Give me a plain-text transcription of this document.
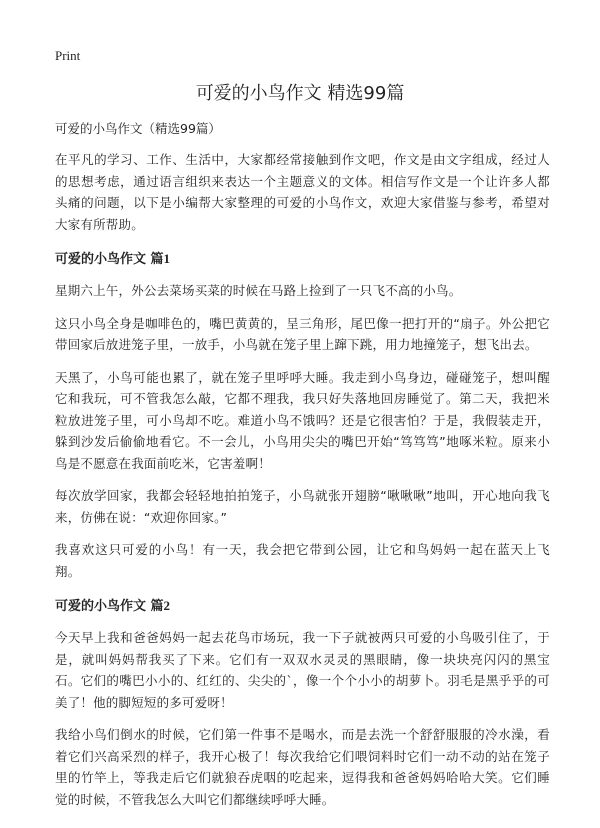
Print
可爱的小鸟作文 精选99篇
可爱的小鸟作文（精选99篇）

在平凡的学习、工作、生活中，大家都经常接触到作文吧，作文是由文字组成，经过人的思想考虑，通过语言组织来表达一个主题意义的文体。相信写作文是一个让许多人都头痛的问题，以下是小编帮大家整理的可爱的小鸟作文，欢迎大家借鉴与参考，希望对大家有所帮助。

可爱的小鸟作文 篇1

星期六上午，外公去菜场买菜的时候在马路上捡到了一只飞不高的小鸟。

这只小鸟全身是咖啡色的，嘴巴黄黄的，呈三角形，尾巴像一把打开的“扇子。外公把它带回家后放进笼子里，一放手，小鸟就在笼子里上蹿下跳，用力地撞笼子，想飞出去。

天黑了，小鸟可能也累了，就在笼子里呼呼大睡。我走到小鸟身边，碰碰笼子，想叫醒它和我玩，可不管我怎么敲，它都不理我，我只好失落地回房睡觉了。第二天，我把米粒放进笼子里，可小鸟却不吃。难道小鸟不饿吗？还是它很害怕？于是，我假装走开，躲到沙发后偷偷地看它。不一会儿，小鸟用尖尖的嘴巴开始“笃笃笃”地啄米粒。原来小鸟是不愿意在我面前吃米，它害羞啊！

每次放学回家，我都会轻轻地拍拍笼子，小鸟就张开翅膀“啾啾啾”地叫，开心地向我飞来，仿佛在说：“欢迎你回家。”

我喜欢这只可爱的小鸟！有一天，我会把它带到公园，让它和鸟妈妈一起在蓝天上飞翔。

可爱的小鸟作文 篇2

今天早上我和爸爸妈妈一起去花鸟市场玩，我一下子就被两只可爱的小鸟吸引住了，于是，就叫妈妈帮我买了下来。它们有一双双水灵灵的黑眼睛，像一块块亮闪闪的黑宝石。它们的嘴巴小小的、红红的、尖尖的`，像一个个小小的胡萝卜。羽毛是黑乎乎的可美了！他的脚短短的多可爱呀！

我给小鸟们倒水的时候，它们第一件事不是喝水，而是去洗一个舒舒服服的冷水澡，看着它们兴高采烈的样子，我开心极了！每次我给它们喂饲料时它们一动不动的站在笼子里的竹竿上，等我走后它们就狼吞虎咽的吃起来，逗得我和爸爸妈妈哈哈大笑。它们睡觉的时候，不管我怎么大叫它们都继续呼呼大睡。
